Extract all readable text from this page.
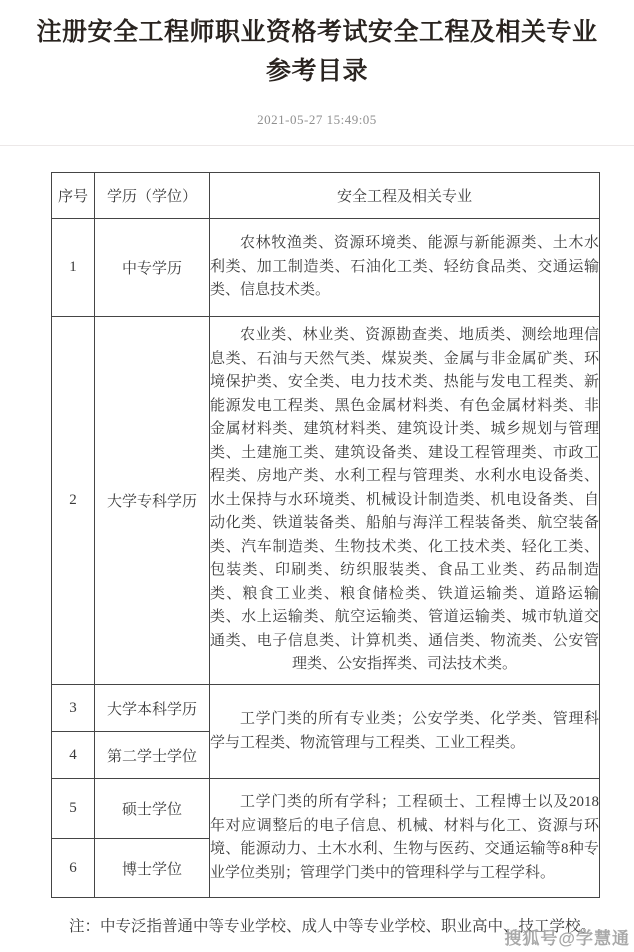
注册安全工程师职业资格考试安全工程及相关专业参考目录
2021-05-27 15:49:05
序号	学历（学位）	安全工程及相关专业
1	中专学历	农林牧渔类、资源环境类、能源与新能源类、土木水利类、加工制造类、石油化工类、轻纺食品类、交通运输类、信息技术类。
2	大学专科学历	农业类、林业类、资源勘查类、地质类、测绘地理信息类、石油与天然气类、煤炭类、金属与非金属矿类、环境保护类、安全类、电力技术类、热能与发电工程类、新能源发电工程类、黑色金属材料类、有色金属材料类、非金属材料类、建筑材料类、建筑设计类、城乡规划与管理类、土建施工类、建筑设备类、建设工程管理类、市政工程类、房地产类、水利工程与管理类、水利水电设备类、水土保持与水环境类、机械设计制造类、机电设备类、自动化类、铁道装备类、船舶与海洋工程装备类、航空装备类、汽车制造类、生物技术类、化工技术类、轻化工类、包装类、印刷类、纺织服装类、食品工业类、药品制造类、粮食工业类、粮食储检类、铁道运输类、道路运输类、水上运输类、航空运输类、管道运输类、城市轨道交通类、电子信息类、计算机类、通信类、物流类、公安管理类、公安指挥类、司法技术类。
3	大学本科学历	工学门类的所有专业类；公安学类、化学类、管理科学与工程类、物流管理与工程类、工业工程类。
4	第二学士学位	
5	硕士学位	工学门类的所有学科；工程硕士、工程博士以及2018年对应调整后的电子信息、机械、材料与化工、资源与环境、能源动力、土木水利、生物与医药、交通运输等8种专业学位类别；管理学门类中的管理科学与工程学科。
6	博士学位	

注：中专泛指普通中等专业学校、成人中等专业学校、职业高中、技工学校。

搜狐号@学慧通
